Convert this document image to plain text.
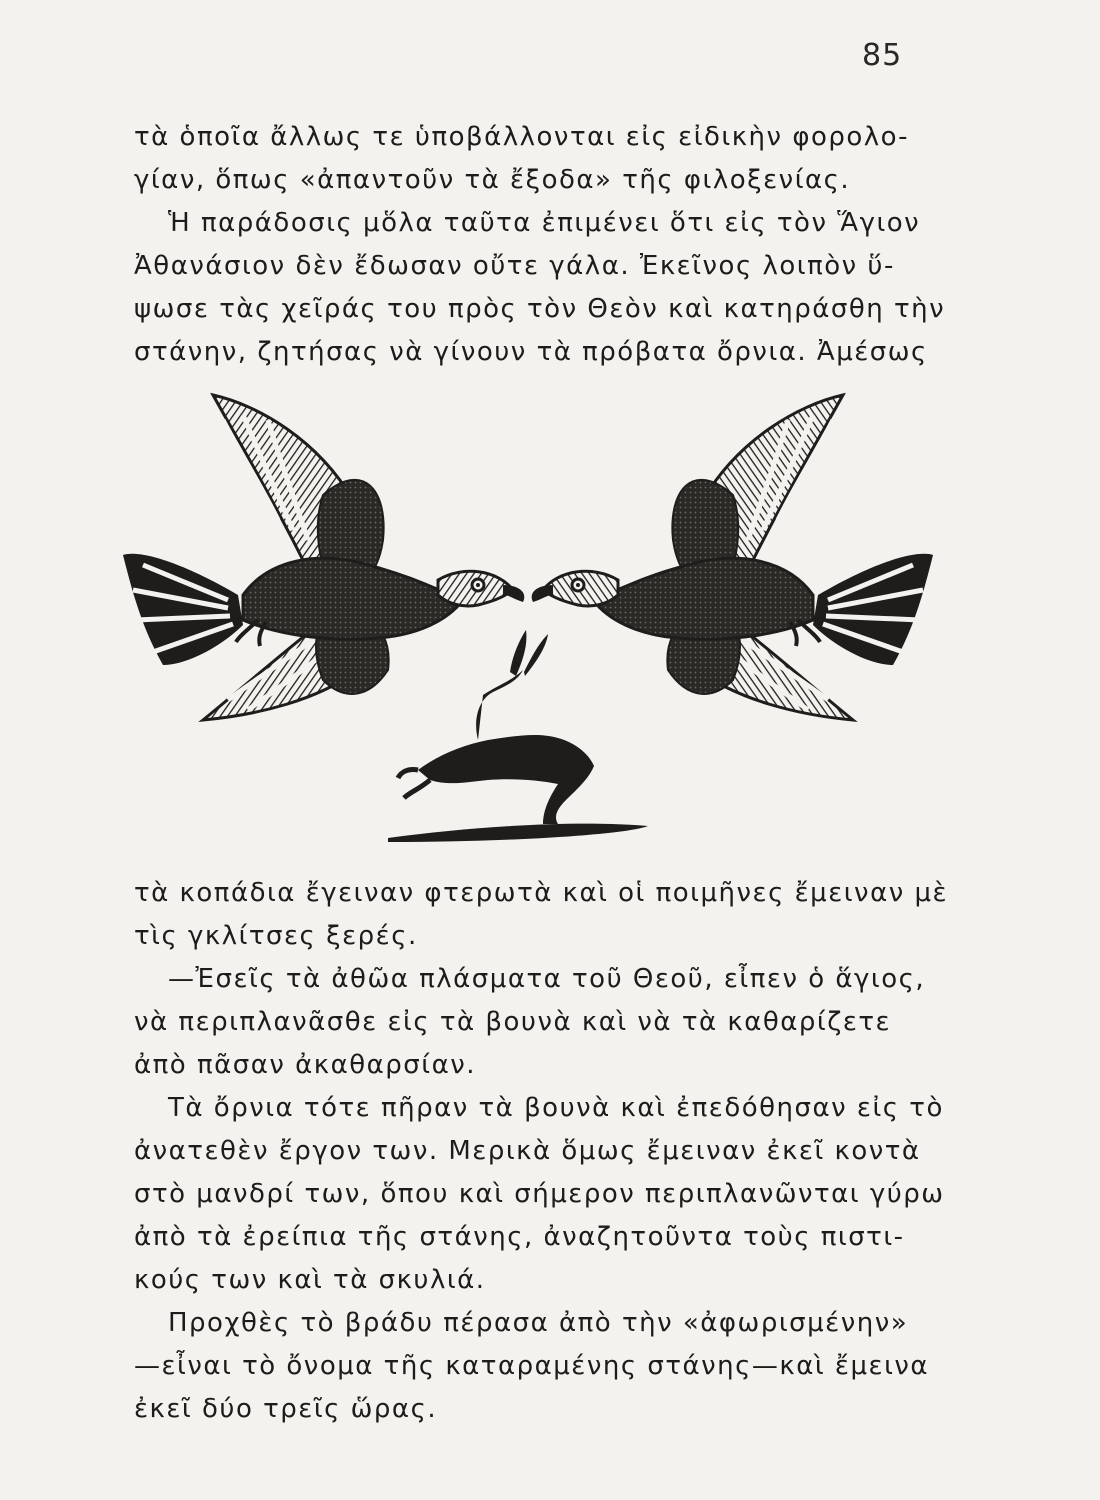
85
τὰ ὁποῖα ἄλλως τε ὑποβάλλονται εἰς εἰδικὴν φορολο-
γίαν, ὅπως «ἀπαντοῦν τὰ ἔξοδα» τῆς φιλοξενίας.
Ἡ παράδοσις μὅλα ταῦτα ἐπιμένει ὅτι εἰς τὸν Ἅγιον
Ἀθανάσιον δὲν ἔδωσαν οὔτε γάλα. Ἐκεῖνος λοιπὸν ὕ-
ψωσε τὰς χεῖράς του πρὸς τὸν Θεὸν καὶ κατηράσθη τὴν
στάνην, ζητήσας νὰ γίνουν τὰ πρόβατα ὄρνια. Ἀμέσως
τὰ κοπάδια ἔγειναν φτερωτὰ καὶ οἱ ποιμῆνες ἔμειναν μὲ
τὶς γκλίτσες ξερές.
—Ἐσεῖς τὰ ἀθῶα πλάσματα τοῦ Θεοῦ, εἶπεν ὁ ἅγιος,
νὰ περιπλανᾶσθε εἰς τὰ βουνὰ καὶ νὰ τὰ καθαρίζετε
ἀπὸ πᾶσαν ἀκαθαρσίαν.
Τὰ ὄρνια τότε πῆραν τὰ βουνὰ καὶ ἐπεδόθησαν εἰς τὸ
ἀνατεθὲν ἔργον των. Μερικὰ ὅμως ἔμειναν ἐκεῖ κοντὰ
στὸ μανδρί των, ὅπου καὶ σήμερον περιπλανῶνται γύρω
ἀπὸ τὰ ἐρείπια τῆς στάνης, ἀναζητοῦντα τοὺς πιστι-
κούς των καὶ τὰ σκυλιά.
Προχθὲς τὸ βράδυ πέρασα ἀπὸ τὴν «ἀφωρισμένην»
—εἶναι τὸ ὄνομα τῆς καταραμένης στάνης—καὶ ἔμεινα
ἐκεῖ δύο τρεῖς ὥρας.
